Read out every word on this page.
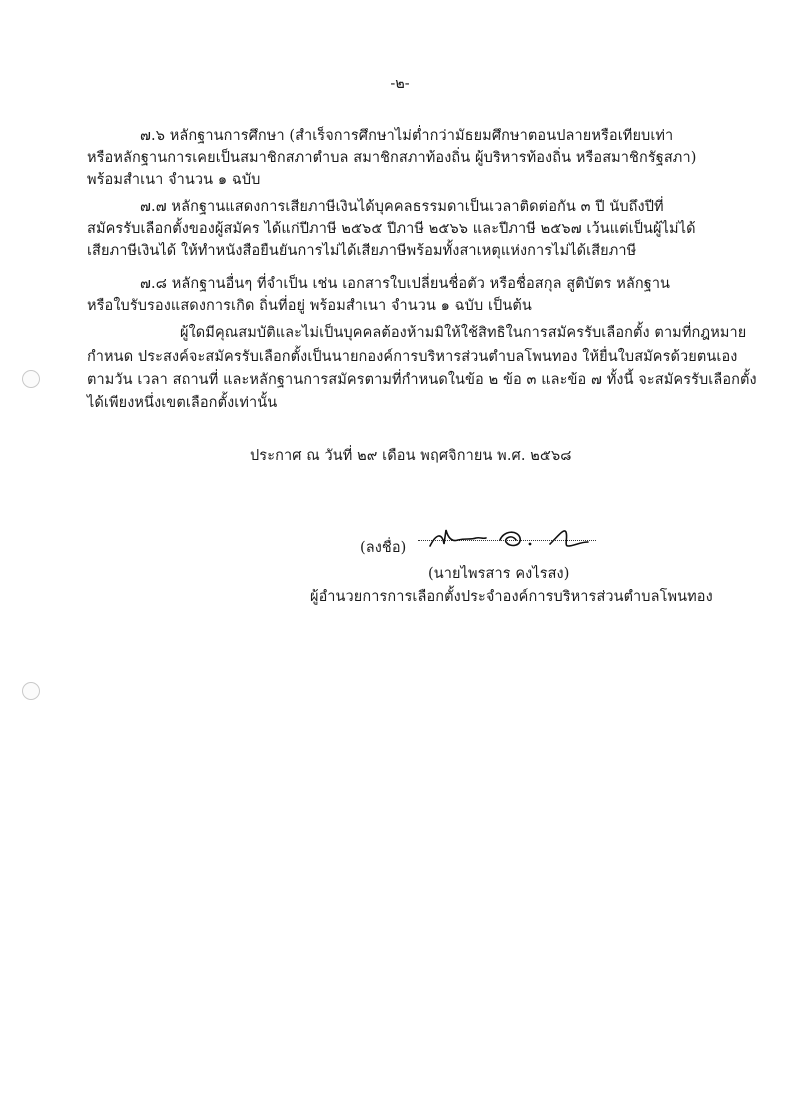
-๒-
๗.๖ หลักฐานการศึกษา (สำเร็จการศึกษาไม่ต่ำกว่ามัธยมศึกษาตอนปลายหรือเทียบเท่า
หรือหลักฐานการเคยเป็นสมาชิกสภาตำบล สมาชิกสภาท้องถิ่น ผู้บริหารท้องถิ่น หรือสมาชิกรัฐสภา)
พร้อมสำเนา จำนวน ๑ ฉบับ
๗.๗ หลักฐานแสดงการเสียภาษีเงินได้บุคคลธรรมดาเป็นเวลาติดต่อกัน ๓ ปี นับถึงปีที่
สมัครรับเลือกตั้งของผู้สมัคร ได้แก่ปีภาษี ๒๕๖๕ ปีภาษี ๒๕๖๖ และปีภาษี ๒๕๖๗ เว้นแต่เป็นผู้ไม่ได้
เสียภาษีเงินได้ ให้ทำหนังสือยืนยันการไม่ได้เสียภาษีพร้อมทั้งสาเหตุแห่งการไม่ได้เสียภาษี
๗.๘ หลักฐานอื่นๆ ที่จำเป็น เช่น เอกสารใบเปลี่ยนชื่อตัว หรือชื่อสกุล สูติบัตร หลักฐาน
หรือใบรับรองแสดงการเกิด ถิ่นที่อยู่ พร้อมสำเนา จำนวน ๑ ฉบับ เป็นต้น
ผู้ใดมีคุณสมบัติและไม่เป็นบุคคลต้องห้ามมิให้ใช้สิทธิในการสมัครรับเลือกตั้ง ตามที่กฎหมาย
กำหนด ประสงค์จะสมัครรับเลือกตั้งเป็นนายกองค์การบริหารส่วนตำบลโพนทอง ให้ยื่นใบสมัครด้วยตนเอง
ตามวัน เวลา สถานที่ และหลักฐานการสมัครตามที่กำหนดในข้อ ๒ ข้อ ๓ และข้อ ๗ ทั้งนี้ จะสมัครรับเลือกตั้ง
ได้เพียงหนึ่งเขตเลือกตั้งเท่านั้น
ประกาศ ณ วันที่ ๒๙ เดือน พฤศจิกายน พ.ศ. ๒๕๖๘
(ลงชื่อ)
(นายไพรสาร คงไรสง)
ผู้อำนวยการการเลือกตั้งประจำองค์การบริหารส่วนตำบลโพนทอง
